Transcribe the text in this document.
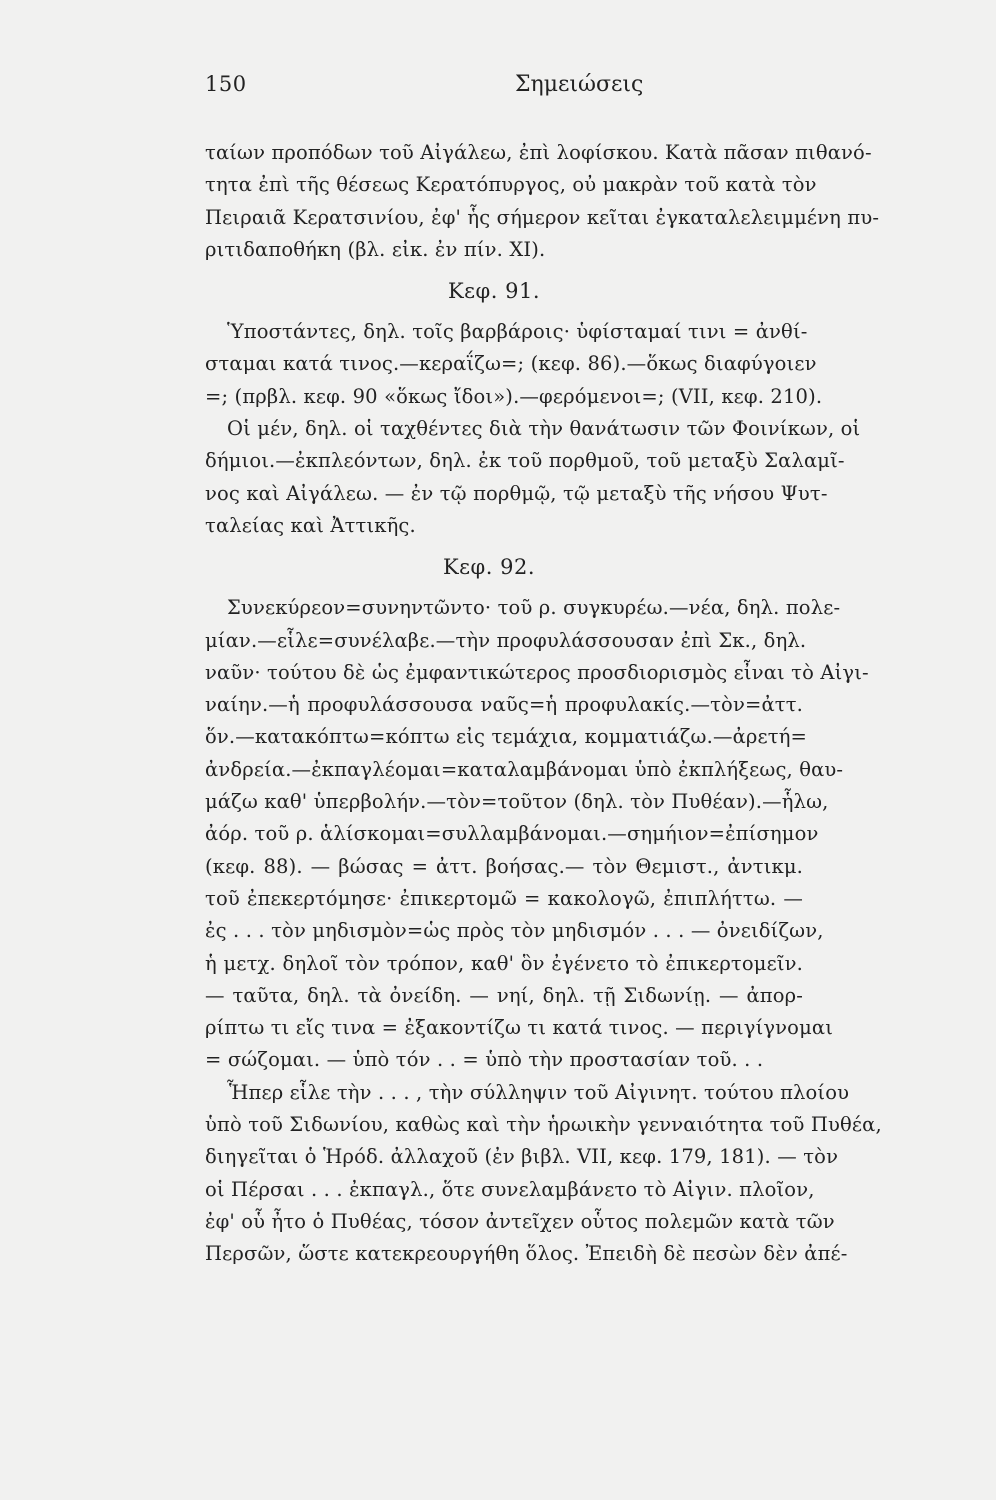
150	Σημειώσεις
ταίων προπόδων τοῦ Αἰγάλεω, ἐπὶ λοφίσκου. Κατὰ πᾶσαν πιθανό-
τητα ἐπὶ τῆς θέσεως Κερατόπυργος, οὐ μακρὰν τοῦ κατὰ τὸν
Πειραιᾶ Κερατσινίου, ἐφ' ἧς σήμερον κεῖται ἐγκαταλελειμμένη πυ-
ριτιδαποθήκη (βλ. εἰκ. ἐν πίν. XI).
Κεφ. 91.
Ὑποστάντες, δηλ. τοῖς βαρβάροις· ὑφίσταμαί τινι = ἀνθί-
σταμαι κατά τινος.—κεραΐζω=; (κεφ. 86).—ὅκως διαφύγοιεν
=; (πρβλ. κεφ. 90 «ὅκως ἴδοι»).—φερόμενοι=; (VII, κεφ. 210).
Οἱ μέν, δηλ. οἱ ταχθέντες διὰ τὴν θανάτωσιν τῶν Φοινίκων, οἱ
δήμιοι.—ἐκπλεόντων, δηλ. ἐκ τοῦ πορθμοῦ, τοῦ μεταξὺ Σαλαμῖ-
νος καὶ Αἰγάλεω. — ἐν τῷ πορθμῷ, τῷ μεταξὺ τῆς νήσου Ψυτ-
ταλείας καὶ Ἀττικῆς.
Κεφ. 92.
Συνεκύρεον=συνηντῶντο· τοῦ ρ. συγκυρέω.—νέα, δηλ. πολε-
μίαν.—εἷλε=συνέλαβε.—τὴν προφυλάσσουσαν ἐπὶ Σκ., δηλ.
ναῦν· τούτου δὲ ὡς ἐμφαντικώτερος προσδιορισμὸς εἶναι τὸ Αἰγι-
ναίην.—ἡ προφυλάσσουσα ναῦς=ἡ προφυλακίς.—τὸν=ἀττ.
ὅν.—κατακόπτω=κόπτω εἰς τεμάχια, κομματιάζω.—ἀρετή=
ἀνδρεία.—ἐκπαγλέομαι=καταλαμβάνομαι ὑπὸ ἐκπλήξεως, θαυ-
μάζω καθ' ὑπερβολήν.—τὸν=τοῦτον (δηλ. τὸν Πυθέαν).—ἧλω,
ἀόρ. τοῦ ρ. ἁλίσκομαι=συλλαμβάνομαι.—σημήιον=ἐπίσημον
(κεφ. 88). — βώσας = ἀττ. βοήσας.— τὸν Θεμιστ., ἀντικμ.
τοῦ ἐπεκερτόμησε· ἐπικερτομῶ = κακολογῶ, ἐπιπλήττω. —
ἐς . . . τὸν μηδισμὸν=ὡς πρὸς τὸν μηδισμόν . . . — ὀνειδίζων,
ἡ μετχ. δηλοῖ τὸν τρόπον, καθ' ὃν ἐγένετο τὸ ἐπικερτομεῖν.
— ταῦτα, δηλ. τὰ ὀνείδη. — νηί, δηλ. τῇ Σιδωνίῃ. — ἀπορ-
ρίπτω τι εἴς τινα = ἐξακοντίζω τι κατά τινος. — περιγίγνομαι
= σώζομαι. — ὑπὸ τόν . . = ὑπὸ τὴν προστασίαν τοῦ. . .
Ἧπερ εἷλε τὴν . . . , τὴν σύλληψιν τοῦ Αἰγινητ. τούτου πλοίου
ὑπὸ τοῦ Σιδωνίου, καθὼς καὶ τὴν ἡρωικὴν γενναιότητα τοῦ Πυθέα,
διηγεῖται ὁ Ἡρόδ. ἀλλαχοῦ (ἐν βιβλ. VII, κεφ. 179, 181). — τὸν
οἱ Πέρσαι . . . ἐκπαγλ., ὅτε συνελαμβάνετο τὸ Αἰγιν. πλοῖον,
ἐφ' οὗ ἦτο ὁ Πυθέας, τόσον ἀντεῖχεν οὗτος πολεμῶν κατὰ τῶν
Περσῶν, ὥστε κατεκρεουργήθη ὅλος. Ἐπειδὴ δὲ πεσὼν δὲν ἀπέ-
